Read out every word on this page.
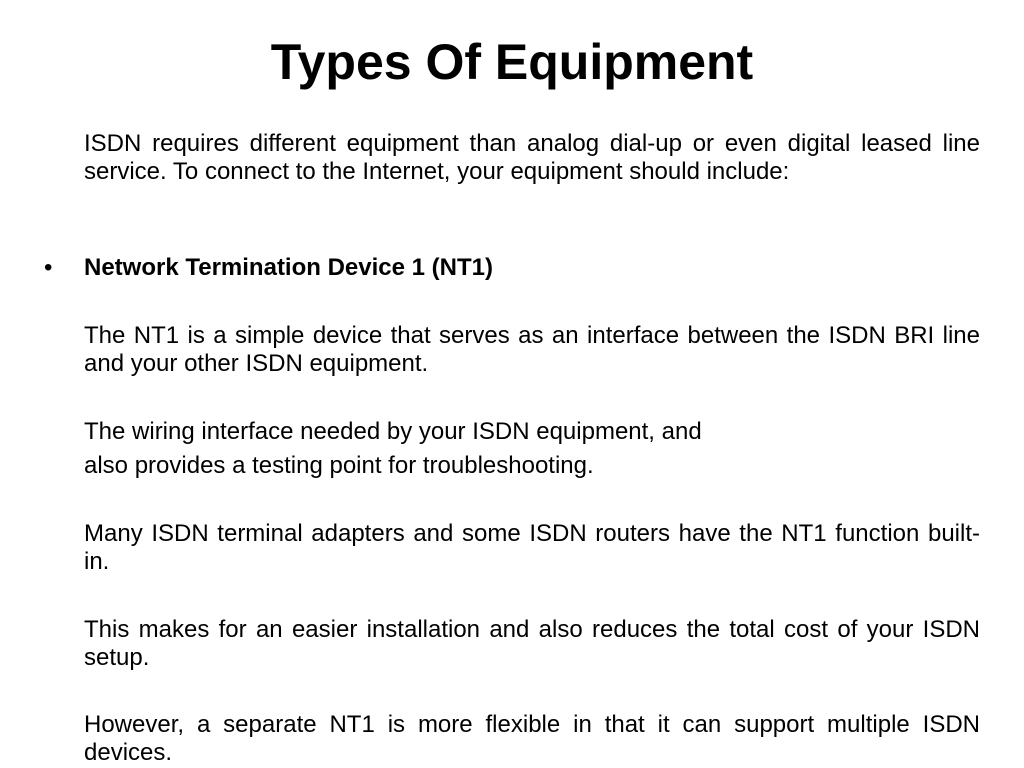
Types Of Equipment

ISDN requires different equipment than analog dial-up or even digital leased line service. To connect to the Internet, your equipment should include:

• Network Termination Device 1 (NT1)

The NT1 is a simple device that serves as an interface between the ISDN BRI line and your other ISDN equipment.

The wiring interface needed by your ISDN equipment, and

also provides a testing point for troubleshooting.

Many ISDN terminal adapters and some ISDN routers have the NT1 function built-in.

This makes for an easier installation and also reduces the total cost of your ISDN setup.

However, a separate NT1 is more flexible in that it can support multiple ISDN devices.
